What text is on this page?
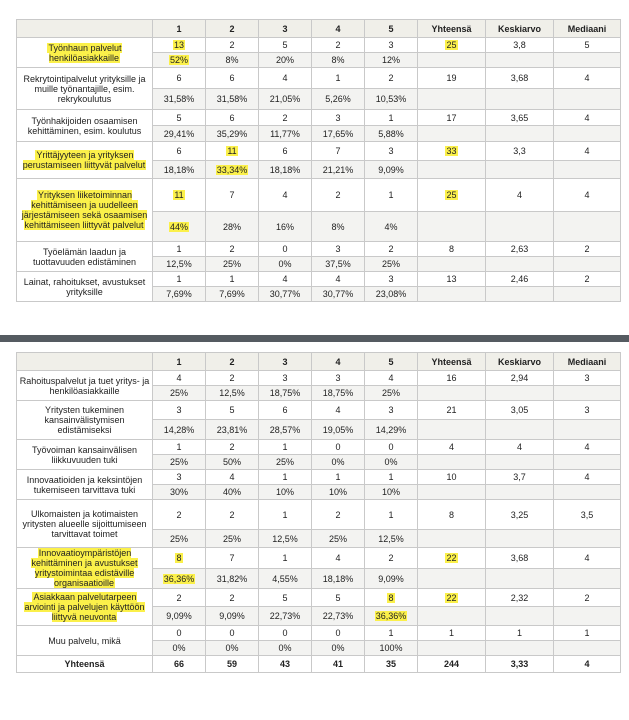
	1	2	3	4	5	Yhteensä	Keskiarvo	Mediaani
Työnhaun palvelut henkilöasiakkaille	13	2	5	2	3	25	3,8	5
	52%	8%	20%	8%	12%			
Rekrytointipalvelut yrityksille ja muille työnantajille, esim. rekrykoulutus	6	6	4	1	2	19	3,68	4
	31,58%	31,58%	21,05%	5,26%	10,53%			
Työnhakijoiden osaamisen kehittäminen, esim. koulutus	5	6	2	3	1	17	3,65	4
	29,41%	35,29%	11,77%	17,65%	5,88%			
Yrittäjyyteen ja yrityksen perustamiseen liittyvät palvelut	6	11	6	7	3	33	3,3	4
	18,18%	33,34%	18,18%	21,21%	9,09%			
Yrityksen liiketoiminnan kehittämiseen ja uudelleen järjestämiseen sekä osaamisen kehittämiseen liittyvät palvelut	11	7	4	2	1	25	4	4
	44%	28%	16%	8%	4%			
Työelämän laadun ja tuottavuuden edistäminen	1	2	0	3	2	8	2,63	2
	12,5%	25%	0%	37,5%	25%			
Lainat, rahoitukset, avustukset yrityksille	1	1	4	4	3	13	2,46	2
	7,69%	7,69%	30,77%	30,77%	23,08%			
	1	2	3	4	5	Yhteensä	Keskiarvo	Mediaani
Rahoituspalvelut ja tuet yritys- ja henkilöasiakkaille	4	2	3	3	4	16	2,94	3
	25%	12,5%	18,75%	18,75%	25%			
Yritysten tukeminen kansainvälistymisen edistämiseksi	3	5	6	4	3	21	3,05	3
	14,28%	23,81%	28,57%	19,05%	14,29%			
Työvoiman kansainvälisen liikkuvuuden tuki	1	2	1	0	0	4	4	4
	25%	50%	25%	0%	0%			
Innovaatioiden ja keksintöjen tukemiseen tarvittava tuki	3	4	1	1	1	10	3,7	4
	30%	40%	10%	10%	10%			
Ulkomaisten ja kotimaisten yritysten alueelle sijoittumiseen tarvittavat toimet	2	2	1	2	1	8	3,25	3,5
	25%	25%	12,5%	25%	12,5%			
Innovaatioympäristöjen kehittäminen ja avustukset yritystoimintaa edistäville organisaatioille	8	7	1	4	2	22	3,68	4
	36,36%	31,82%	4,55%	18,18%	9,09%			
Asiakkaan palvelutarpeen arviointi ja palvelujen käyttöön liittyvä neuvonta	2	2	5	5	8	22	2,32	2
	9,09%	9,09%	22,73%	22,73%	36,36%			
Muu palvelu, mikä	0	0	0	0	1	1	1	1
	0%	0%	0%	0%	100%			
Yhteensä	66	59	43	41	35	244	3,33	4
